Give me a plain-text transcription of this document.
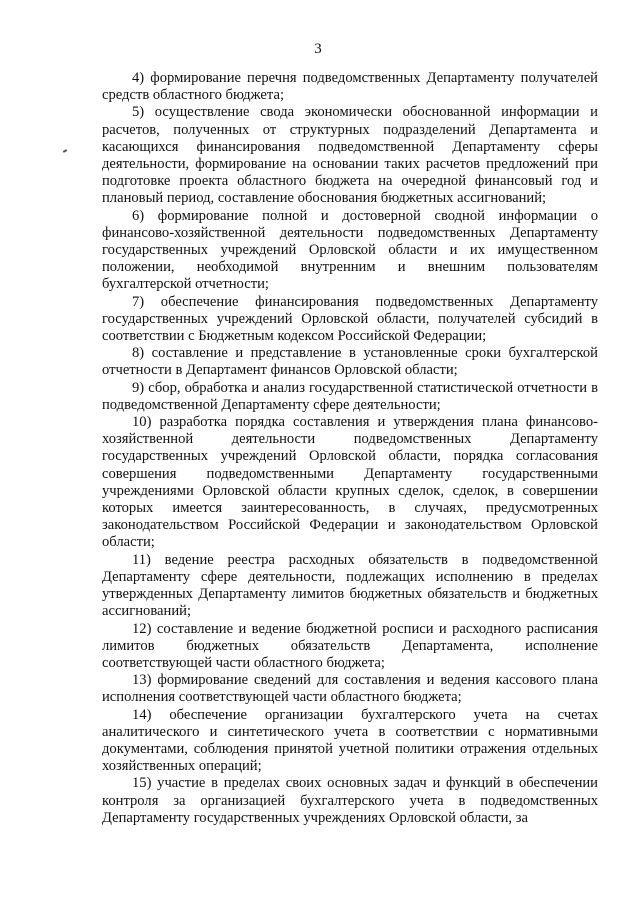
3

4) формирование перечня подведомственных Департаменту получателей средств областного бюджета;

5) осуществление свода экономически обоснованной информации и расчетов, полученных от структурных подразделений Департамента и касающихся финансирования подведомственной Департаменту сферы деятельности, формирование на основании таких расчетов предложений при подготовке проекта областного бюджета на очередной финансовый год и плановый период, составление обоснования бюджетных ассигнований;

6) формирование полной и достоверной сводной информации о финансово-хозяйственной деятельности подведомственных Департаменту государственных учреждений Орловской области и их имущественном положении, необходимой внутренним и внешним пользователям бухгалтерской отчетности;

7) обеспечение финансирования подведомственных Департаменту государственных учреждений Орловской области, получателей субсидий в соответствии с Бюджетным кодексом Российской Федерации;

8) составление и представление в установленные сроки бухгалтерской отчетности в Департамент финансов Орловской области;

9) сбор, обработка и анализ государственной статистической отчетности в подведомственной Департаменту сфере деятельности;

10) разработка порядка составления и утверждения плана финансово-хозяйственной деятельности подведомственных Департаменту государственных учреждений Орловской области, порядка согласования совершения подведомственными Департаменту государственными учреждениями Орловской области крупных сделок, сделок, в совершении которых имеется заинтересованность, в случаях, предусмотренных законодательством Российской Федерации и законодательством Орловской области;

11) ведение реестра расходных обязательств в подведомственной Департаменту сфере деятельности, подлежащих исполнению в пределах утвержденных Департаменту лимитов бюджетных обязательств и бюджетных ассигнований;

12) составление и ведение бюджетной росписи и расходного расписания лимитов бюджетных обязательств Департамента, исполнение соответствующей части областного бюджета;

13) формирование сведений для составления и ведения кассового плана исполнения соответствующей части областного бюджета;

14) обеспечение организации бухгалтерского учета на счетах аналитического и синтетического учета в соответствии с нормативными документами, соблюдения принятой учетной политики отражения отдельных хозяйственных операций;

15) участие в пределах своих основных задач и функций в обеспечении контроля за организацией бухгалтерского учета в подведомственных Департаменту государственных учреждениях Орловской области, за
